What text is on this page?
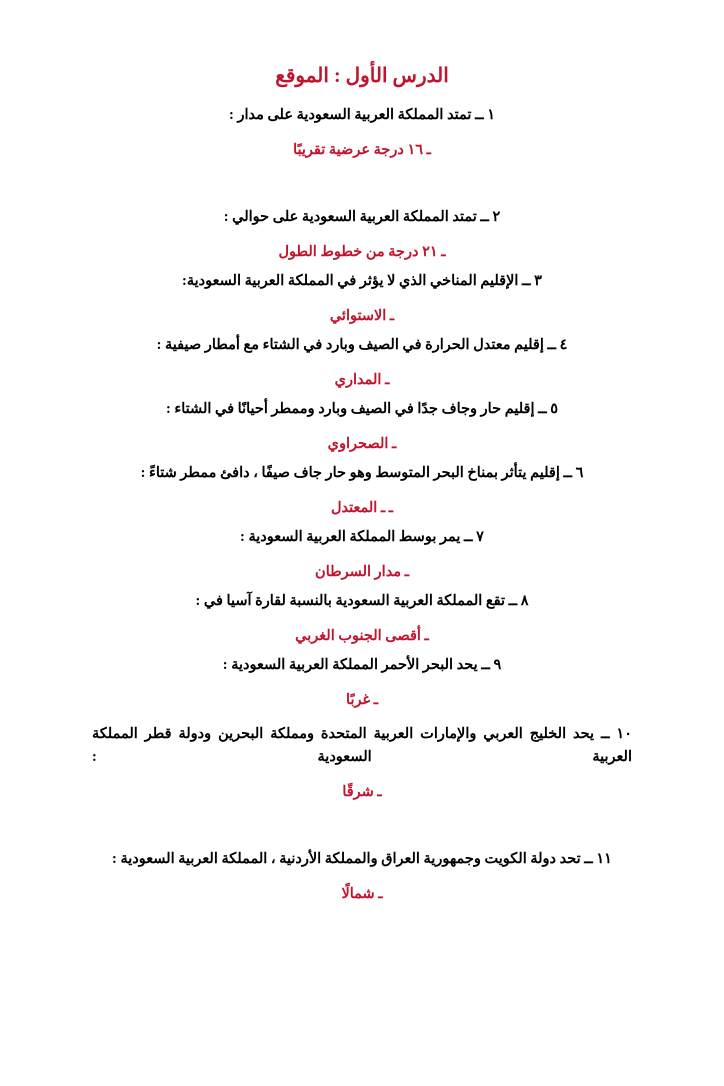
الدرس الأول : الموقع

١ ــ تمتد المملكة العربية السعودية على مدار :

ـ ١٦ درجة عرضية تقريبًا

٢ ــ تمتد المملكة العربية السعودية على حوالي :

ـ ٢١ درجة من خطوط الطول

٣ ــ الإقليم المناخي الذي لا يؤثر في المملكة العربية السعودية:

ـ الاستوائي

٤ ــ إقليم معتدل الحرارة في الصيف وبارد في الشتاء مع أمطار صيفية :

ـ المداري

٥ ــ إقليم حار وجاف جدًا في الصيف وبارد وممطر أحيانًا في الشتاء :

ـ الصحراوي

٦ ــ إقليم يتأثر بمناخ البحر المتوسط وهو حار جاف صيفًا ، دافئ ممطر شتاءً :

ـ ـ المعتدل

٧ ــ يمر بوسط المملكة العربية السعودية :

ـ مدار السرطان

٨ ــ تقع المملكة العربية السعودية بالنسبة لقارة آسيا في :

ـ أقصى الجنوب الغربي

٩ ــ يحد البحر الأحمر المملكة العربية السعودية :

ـ غربًا

١٠ ــ يحد الخليج العربي والإمارات العربية المتحدة ومملكة البحرين ودولة قطر المملكة العربية السعودية :

ـ شرقًا

١١ ــ تحد دولة الكويت وجمهورية العراق والمملكة الأردنية ، المملكة العربية السعودية :

ـ شمالًا
